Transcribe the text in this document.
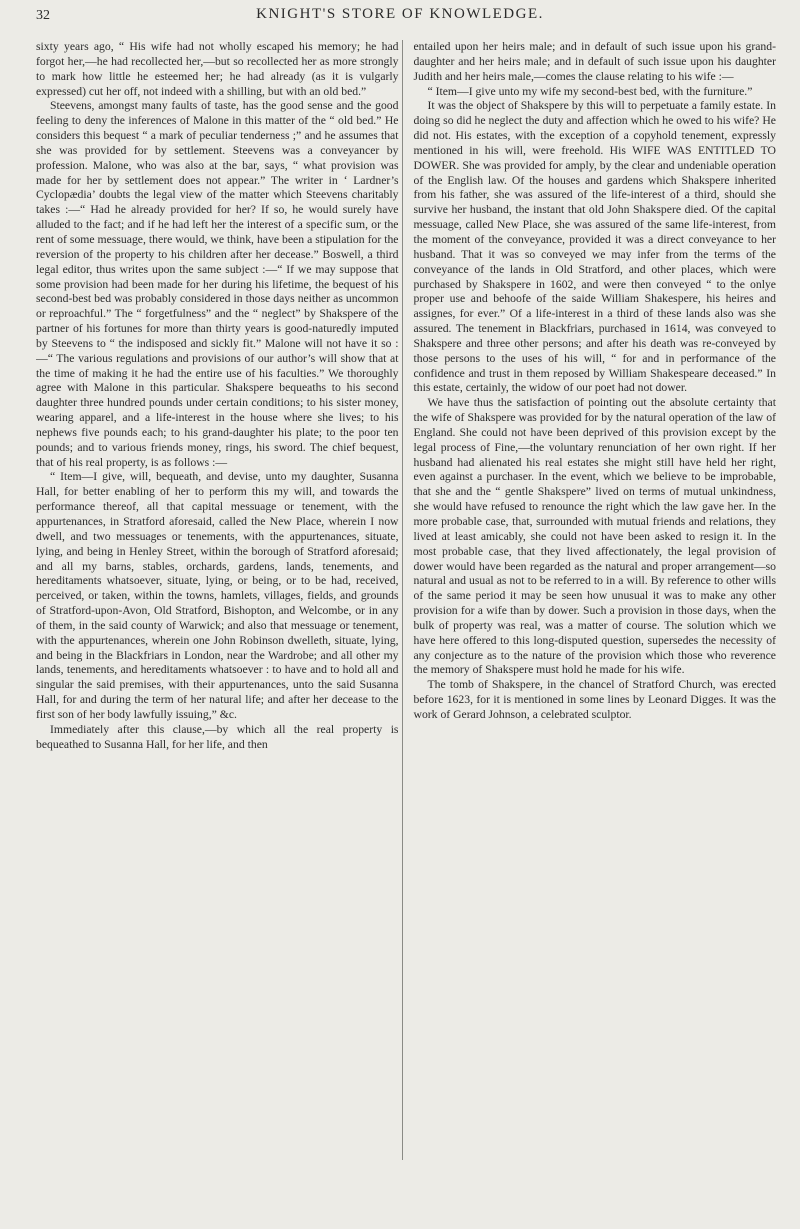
32	KNIGHT'S STORE OF KNOWLEDGE.

sixty years ago, “ His wife had not wholly escaped his memory; he had forgot her,—he had recollected her,—but so recollected her as more strongly to mark how little he esteemed her; he had already (as it is vulgarly expressed) cut her off, not indeed with a shilling, but with an old bed.”

Steevens, amongst many faults of taste, has the good sense and the good feeling to deny the inferences of Malone in this matter of the “ old bed.” He considers this bequest “ a mark of peculiar tenderness ;” and he assumes that she was provided for by settlement. Steevens was a conveyancer by profession. Malone, who was also at the bar, says, “ what provision was made for her by settlement does not appear.” The writer in ‘ Lardner’s Cyclopædia’ doubts the legal view of the matter which Steevens charitably takes :—“ Had he already provided for her? If so, he would surely have alluded to the fact; and if he had left her the interest of a specific sum, or the rent of some messuage, there would, we think, have been a stipulation for the reversion of the property to his children after her decease.” Boswell, a third legal editor, thus writes upon the same subject :—“ If we may suppose that some provision had been made for her during his lifetime, the bequest of his second-best bed was probably considered in those days neither as uncommon or reproachful.” The “ forgetfulness” and the “ neglect” by Shakspere of the partner of his fortunes for more than thirty years is good-naturedly imputed by Steevens to “ the indisposed and sickly fit.” Malone will not have it so :—“ The various regulations and provisions of our author’s will show that at the time of making it he had the entire use of his faculties.” We thoroughly agree with Malone in this particular. Shakspere bequeaths to his second daughter three hundred pounds under certain conditions; to his sister money, wearing apparel, and a life-interest in the house where she lives; to his nephews five pounds each; to his grand-daughter his plate; to the poor ten pounds; and to various friends money, rings, his sword. The chief bequest, that of his real property, is as follows :—

“ Item—I give, will, bequeath, and devise, unto my daughter, Susanna Hall, for better enabling of her to perform this my will, and towards the performance thereof, all that capital messuage or tenement, with the appurtenances, in Stratford aforesaid, called the New Place, wherein I now dwell, and two messuages or tenements, with the appurtenances, situate, lying, and being in Henley Street, within the borough of Stratford aforesaid; and all my barns, stables, orchards, gardens, lands, tenements, and hereditaments whatsoever, situate, lying, or being, or to be had, received, perceived, or taken, within the towns, hamlets, villages, fields, and grounds of Stratford-upon-Avon, Old Stratford, Bishopton, and Welcombe, or in any of them, in the said county of Warwick; and also that messuage or tenement, with the appurtenances, wherein one John Robinson dwelleth, situate, lying, and being in the Blackfriars in London, near the Wardrobe; and all other my lands, tenements, and hereditaments whatsoever : to have and to hold all and singular the said premises, with their appurtenances, unto the said Susanna Hall, for and during the term of her natural life; and after her decease to the first son of her body lawfully issuing,” &c.

Immediately after this clause,—by which all the real property is bequeathed to Susanna Hall, for her life, and then

entailed upon her heirs male; and in default of such issue upon his grand-daughter and her heirs male; and in default of such issue upon his daughter Judith and her heirs male,—comes the clause relating to his wife :—

“ Item—I give unto my wife my second-best bed, with the furniture.”

It was the object of Shakspere by this will to perpetuate a family estate. In doing so did he neglect the duty and affection which he owed to his wife? He did not. His estates, with the exception of a copyhold tenement, expressly mentioned in his will, were freehold. His WIFE WAS ENTITLED TO DOWER. She was provided for amply, by the clear and undeniable operation of the English law. Of the houses and gardens which Shakspere inherited from his father, she was assured of the life-interest of a third, should she survive her husband, the instant that old John Shakspere died. Of the capital messuage, called New Place, she was assured of the same life-interest, from the moment of the conveyance, provided it was a direct conveyance to her husband. That it was so conveyed we may infer from the terms of the conveyance of the lands in Old Stratford, and other places, which were purchased by Shakspere in 1602, and were then conveyed “ to the onlye proper use and behoofe of the saide William Shakespere, his heires and assignes, for ever.” Of a life-interest in a third of these lands also was she assured. The tenement in Blackfriars, purchased in 1614, was conveyed to Shakspere and three other persons; and after his death was re-conveyed by those persons to the uses of his will, “ for and in performance of the confidence and trust in them reposed by William Shakespeare deceased.” In this estate, certainly, the widow of our poet had not dower.

We have thus the satisfaction of pointing out the absolute certainty that the wife of Shakspere was provided for by the natural operation of the law of England. She could not have been deprived of this provision except by the legal process of Fine,—the voluntary renunciation of her own right. If her husband had alienated his real estates she might still have held her right, even against a purchaser. In the event, which we believe to be improbable, that she and the “ gentle Shakspere” lived on terms of mutual unkindness, she would have refused to renounce the right which the law gave her. In the more probable case, that, surrounded with mutual friends and relations, they lived at least amicably, she could not have been asked to resign it. In the most probable case, that they lived affectionately, the legal provision of dower would have been regarded as the natural and proper arrangement—so natural and usual as not to be referred to in a will. By reference to other wills of the same period it may be seen how unusual it was to make any other provision for a wife than by dower. Such a provision in those days, when the bulk of property was real, was a matter of course. The solution which we have here offered to this long-disputed question, supersedes the necessity of any conjecture as to the nature of the provision which those who reverence the memory of Shakspere must hold he made for his wife.

The tomb of Shakspere, in the chancel of Stratford Church, was erected before 1623, for it is mentioned in some lines by Leonard Digges. It was the work of Gerard Johnson, a celebrated sculptor.
